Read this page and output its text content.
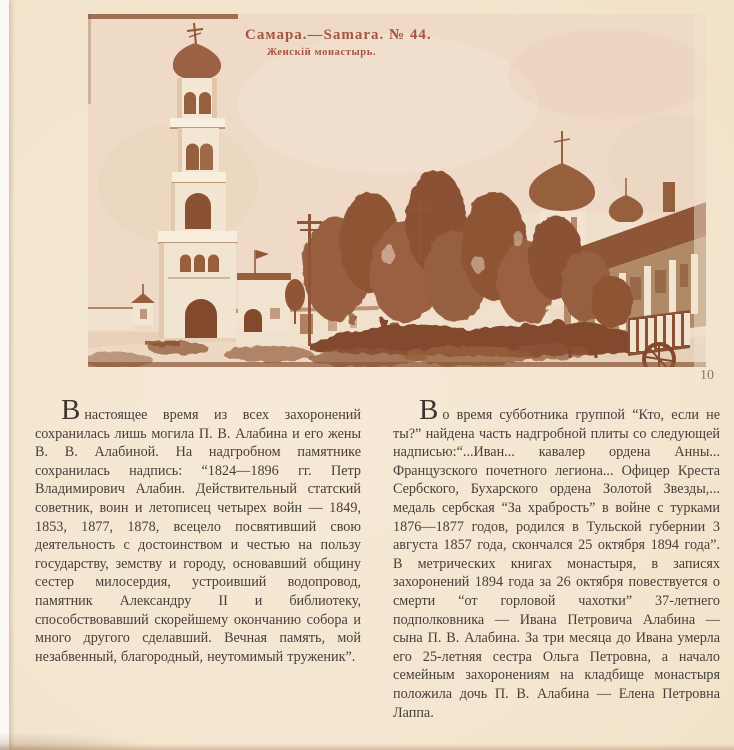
Самара.—Samara. № 44.
Женскій монастырь.
10

Внастоящее время из всех захоронений сохранилась лишь могила П. В. Алабина и его жены В. В. Алабиной. На надгробном памятнике сохранилась надпись: “1824—1896 гг. Петр Владимирович Алабин. Действительный статский советник, воин и летописец четырех войн — 1849, 1853, 1877, 1878, всецело посвятивший свою деятельность с достоинством и честью на пользу государству, земству и городу, основавший общину сестер милосердия, устроивший водопровод, памятник Александру II и библиотеку, способствовавший скорейшему окончанию собора и много другого сделавший. Вечная память, мой незабвенный, благородный, неутомимый труженик”.

Во время субботника группой “Кто, если не ты?” найдена часть надгробной плиты со следующей надписью:“...Иван... кавалер ордена Анны... Французского почетного легиона... Офицер Креста Сербского, Бухарского ордена Золотой Звезды,... медаль сербская “За храбрость” в войне с турками 1876—1877 годов, родился в Тульской губернии 3 августа 1857 года, скончался 25 октября 1894 года”. В метрических книгах монастыря, в записях захоронений 1894 года за 26 октября повествуется о смерти “от горловой чахотки” 37-летнего подполковника — Ивана Петровича Алабина — сына П. В. Алабина. За три месяца до Ивана умерла его 25-летняя сестра Ольга Петровна, а начало семейным захоронениям на кладбище монастыря положила дочь П. В. Алабина — Елена Петровна Лаппа.
